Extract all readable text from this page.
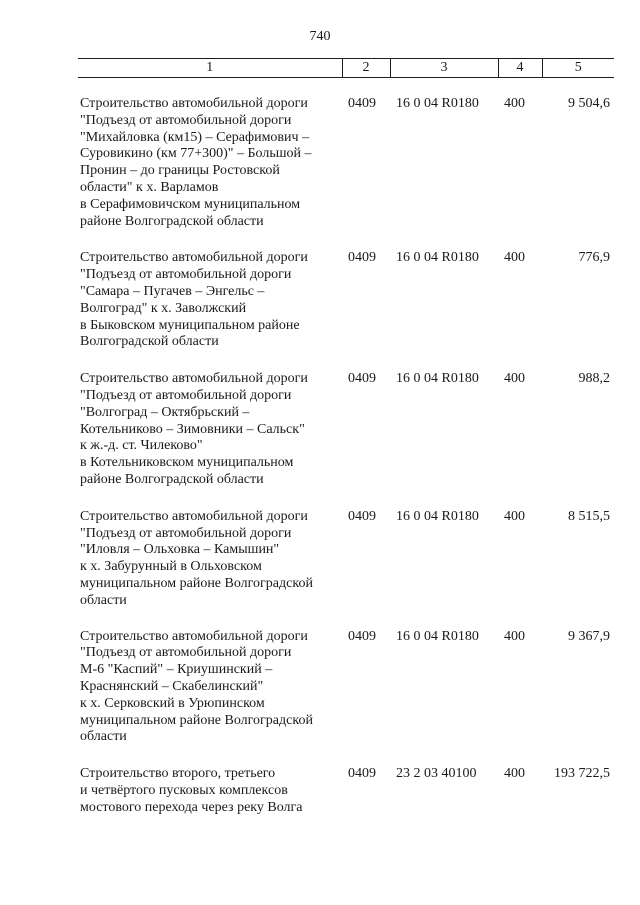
740
1	2	3	4	5
Строительство автомобильной дороги
"Подъезд от автомобильной дороги
"Михайловка (км15) – Серафимович –
Суровикино (км 77+300)" – Большой –
Пронин – до границы Ростовской
области" к х. Варламов
в Серафимовичском муниципальном
районе Волгоградской области
0409	16 0 04 R0180	400	9 504,6
Строительство автомобильной дороги
"Подъезд от автомобильной дороги
"Самара – Пугачев – Энгельс –
Волгоград" к х. Заволжский
в Быковском муниципальном районе
Волгоградской области
0409	16 0 04 R0180	400	776,9
Строительство автомобильной дороги
"Подъезд от автомобильной дороги
"Волгоград – Октябрьский –
Котельниково – Зимовники – Сальск"
к ж.-д. ст. Чилеково"
в Котельниковском муниципальном
районе Волгоградской области
0409	16 0 04 R0180	400	988,2
Строительство автомобильной дороги
"Подъезд от автомобильной дороги
"Иловля – Ольховка – Камышин"
к х. Забурунный в Ольховском
муниципальном районе Волгоградской
области
0409	16 0 04 R0180	400	8 515,5
Строительство автомобильной дороги
"Подъезд от автомобильной дороги
М-6 "Каспий" – Криушинский –
Краснянский – Скабелинский"
к х. Серковский в Урюпинском
муниципальном районе Волгоградской
области
0409	16 0 04 R0180	400	9 367,9
Строительство второго, третьего
и четвёртого пусковых комплексов
мостового перехода через реку Волга
0409	23 2 03 40100	400	193 722,5
